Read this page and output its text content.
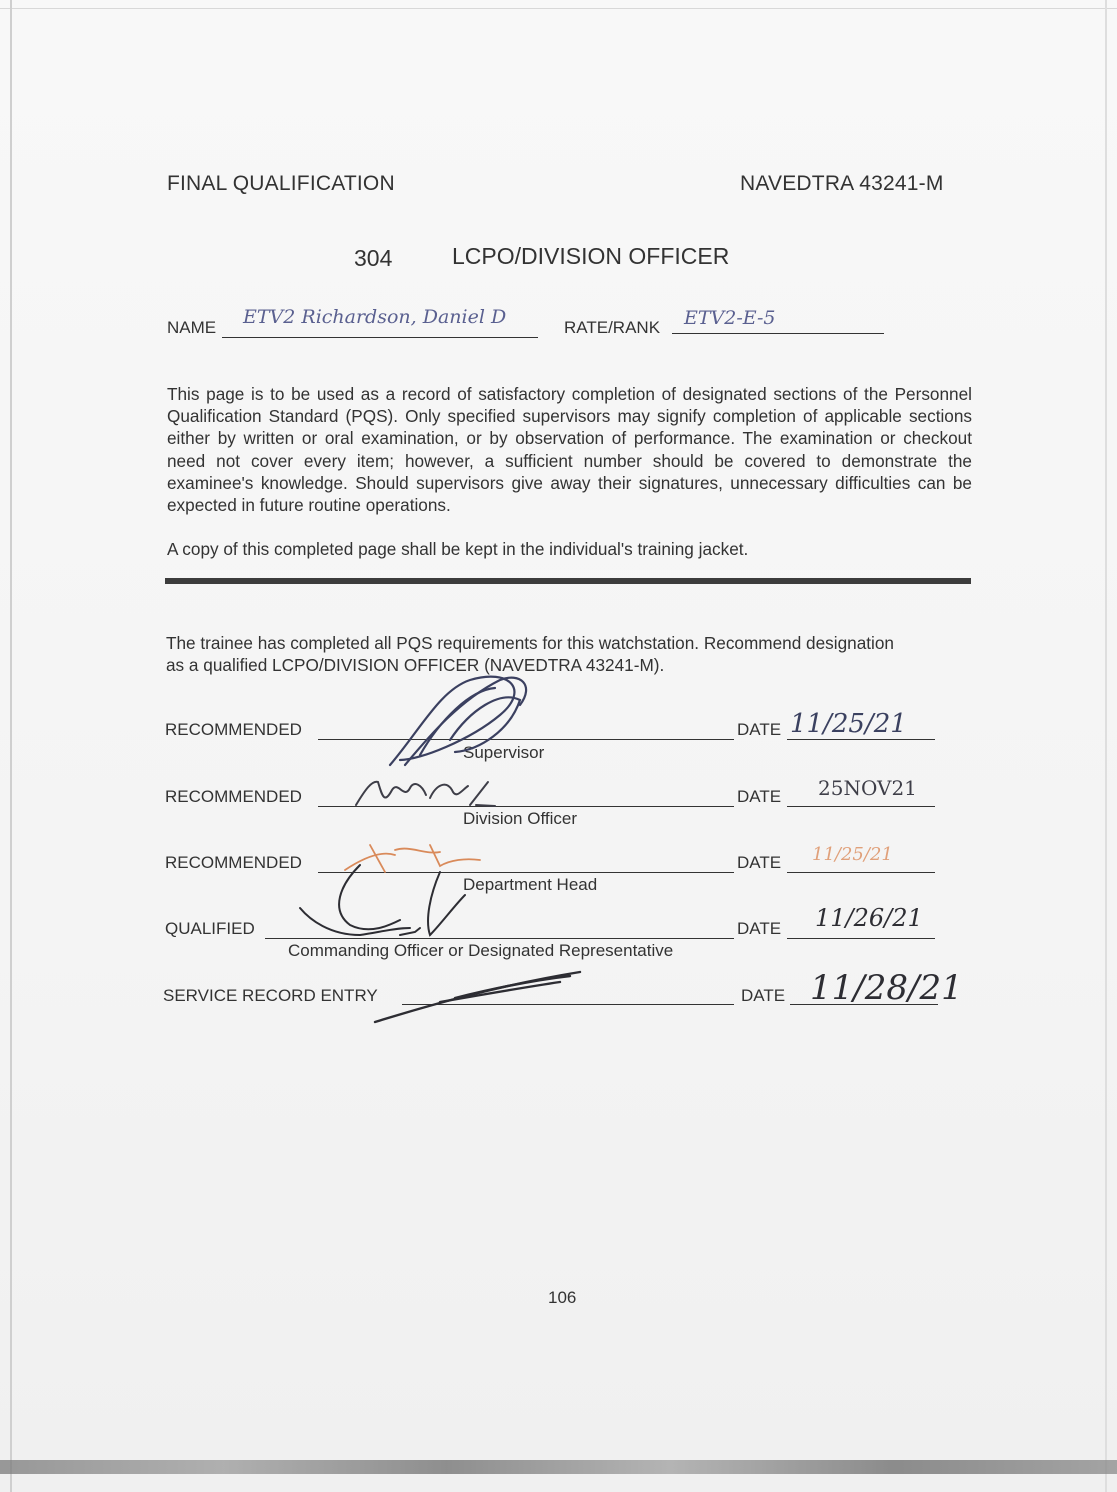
FINAL QUALIFICATION	NAVEDTRA 43241-M
304	LCPO/DIVISION OFFICER
NAME ETV2 Richardson, Daniel D	RATE/RANK ETV2-E-5

This page is to be used as a record of satisfactory completion of designated sections of the Personnel Qualification Standard (PQS). Only specified supervisors may signify completion of applicable sections either by written or oral examination, or by observation of performance. The examination or checkout need not cover every item; however, a sufficient number should be covered to demonstrate the examinee's knowledge. Should supervisors give away their signatures, unnecessary difficulties can be expected in future routine operations.

A copy of this completed page shall be kept in the individual's training jacket.

The trainee has completed all PQS requirements for this watchstation. Recommend designation
as a qualified LCPO/DIVISION OFFICER (NAVEDTRA 43241-M).
RECOMMENDED
Supervisor
DATE 11/25/21
RECOMMENDED
Division Officer
DATE 25NOV21
RECOMMENDED
Department Head
DATE 11/25/21
QUALIFIED
Commanding Officer or Designated Representative
DATE 11/26/21
SERVICE RECORD ENTRY	DATE 11/28/21
106
